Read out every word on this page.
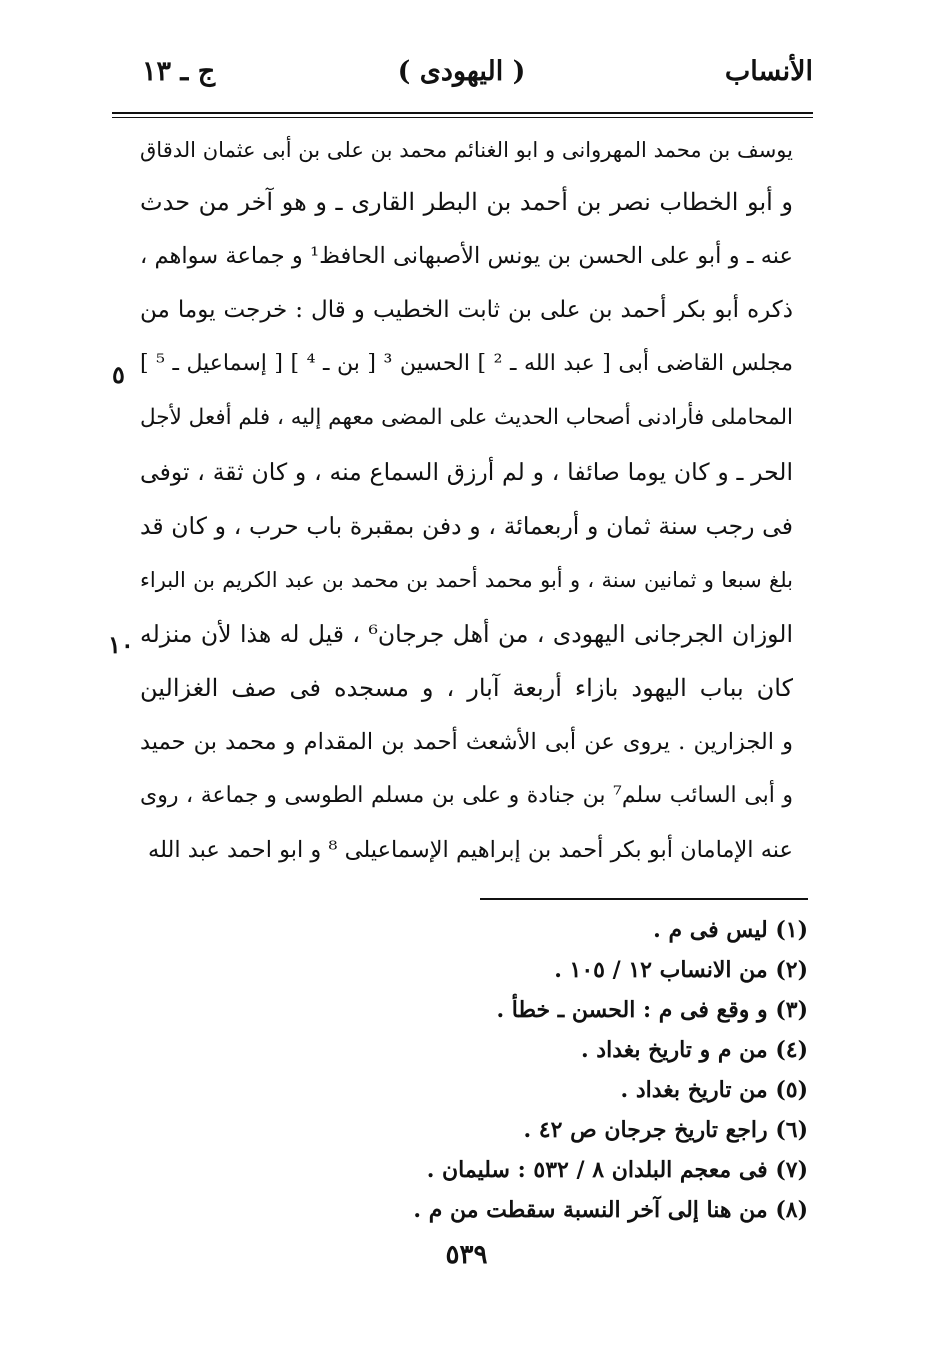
الأنساب
( اليهودى )
ج ـ ١٣
يوسف بن محمد المهروانى و ابو الغنائم محمد بن على بن أبى عثمان الدقاق
و أبو الخطاب نصر بن أحمد بن البطر القارى ـ و هو آخر من حدث
عنه ـ و أبو على الحسن بن يونس الأصبهانى الحافظ¹ و جماعة سواهم ،
ذكره أبو بكر أحمد بن على بن ثابت الخطيب و قال : خرجت يوما من
مجلس القاضى أبى [ عبد الله ـ ² ] الحسين ³ [ بن ـ ⁴ ] [ إسماعيل ـ ⁵ ]
المحاملى فأرادنى أصحاب الحديث على المضى معهم إليه ، فلم أفعل لأجل
الحر ـ و كان يوما صائفا ، و لم أرزق السماع منه ، و كان ثقة ، توفى
فى رجب سنة ثمان و أربعمائة ، و دفن بمقبرة باب حرب ، و كان قد
بلغ سبعا و ثمانين سنة ، و أبو محمد أحمد بن محمد بن عبد الكريم بن البراء
الوزان الجرجانى اليهودى ، من أهل جرجان⁶ ، قيل له هذا لأن منزله
كان بباب اليهود بازاء أربعة آبار ، و مسجده فى صف الغزالين
و الجزارين . يروى عن أبى الأشعث أحمد بن المقدام و محمد بن حميد
و أبى السائب سلم⁷ بن جنادة و على بن مسلم الطوسى و جماعة ، روى
عنه الإمامان أبو بكر أحمد بن إبراهيم الإسماعيلى ⁸ و ابو احمد عبد الله
٥
١٠
(١) ليس فى م .
(٢) من الانساب ١٢ / ١٠٥ .
(٣) و وقع فى م : الحسن ـ خطأ .
(٤) من م و تاريخ بغداد .
(٥) من تاريخ بغداد .
(٦) راجع تاريخ جرجان ص ٤٢ .
(٧) فى معجم البلدان ٨ / ٥٣٢ : سليمان .
(٨) من هنا إلى آخر النسبة سقطت من م .
٥٣٩
